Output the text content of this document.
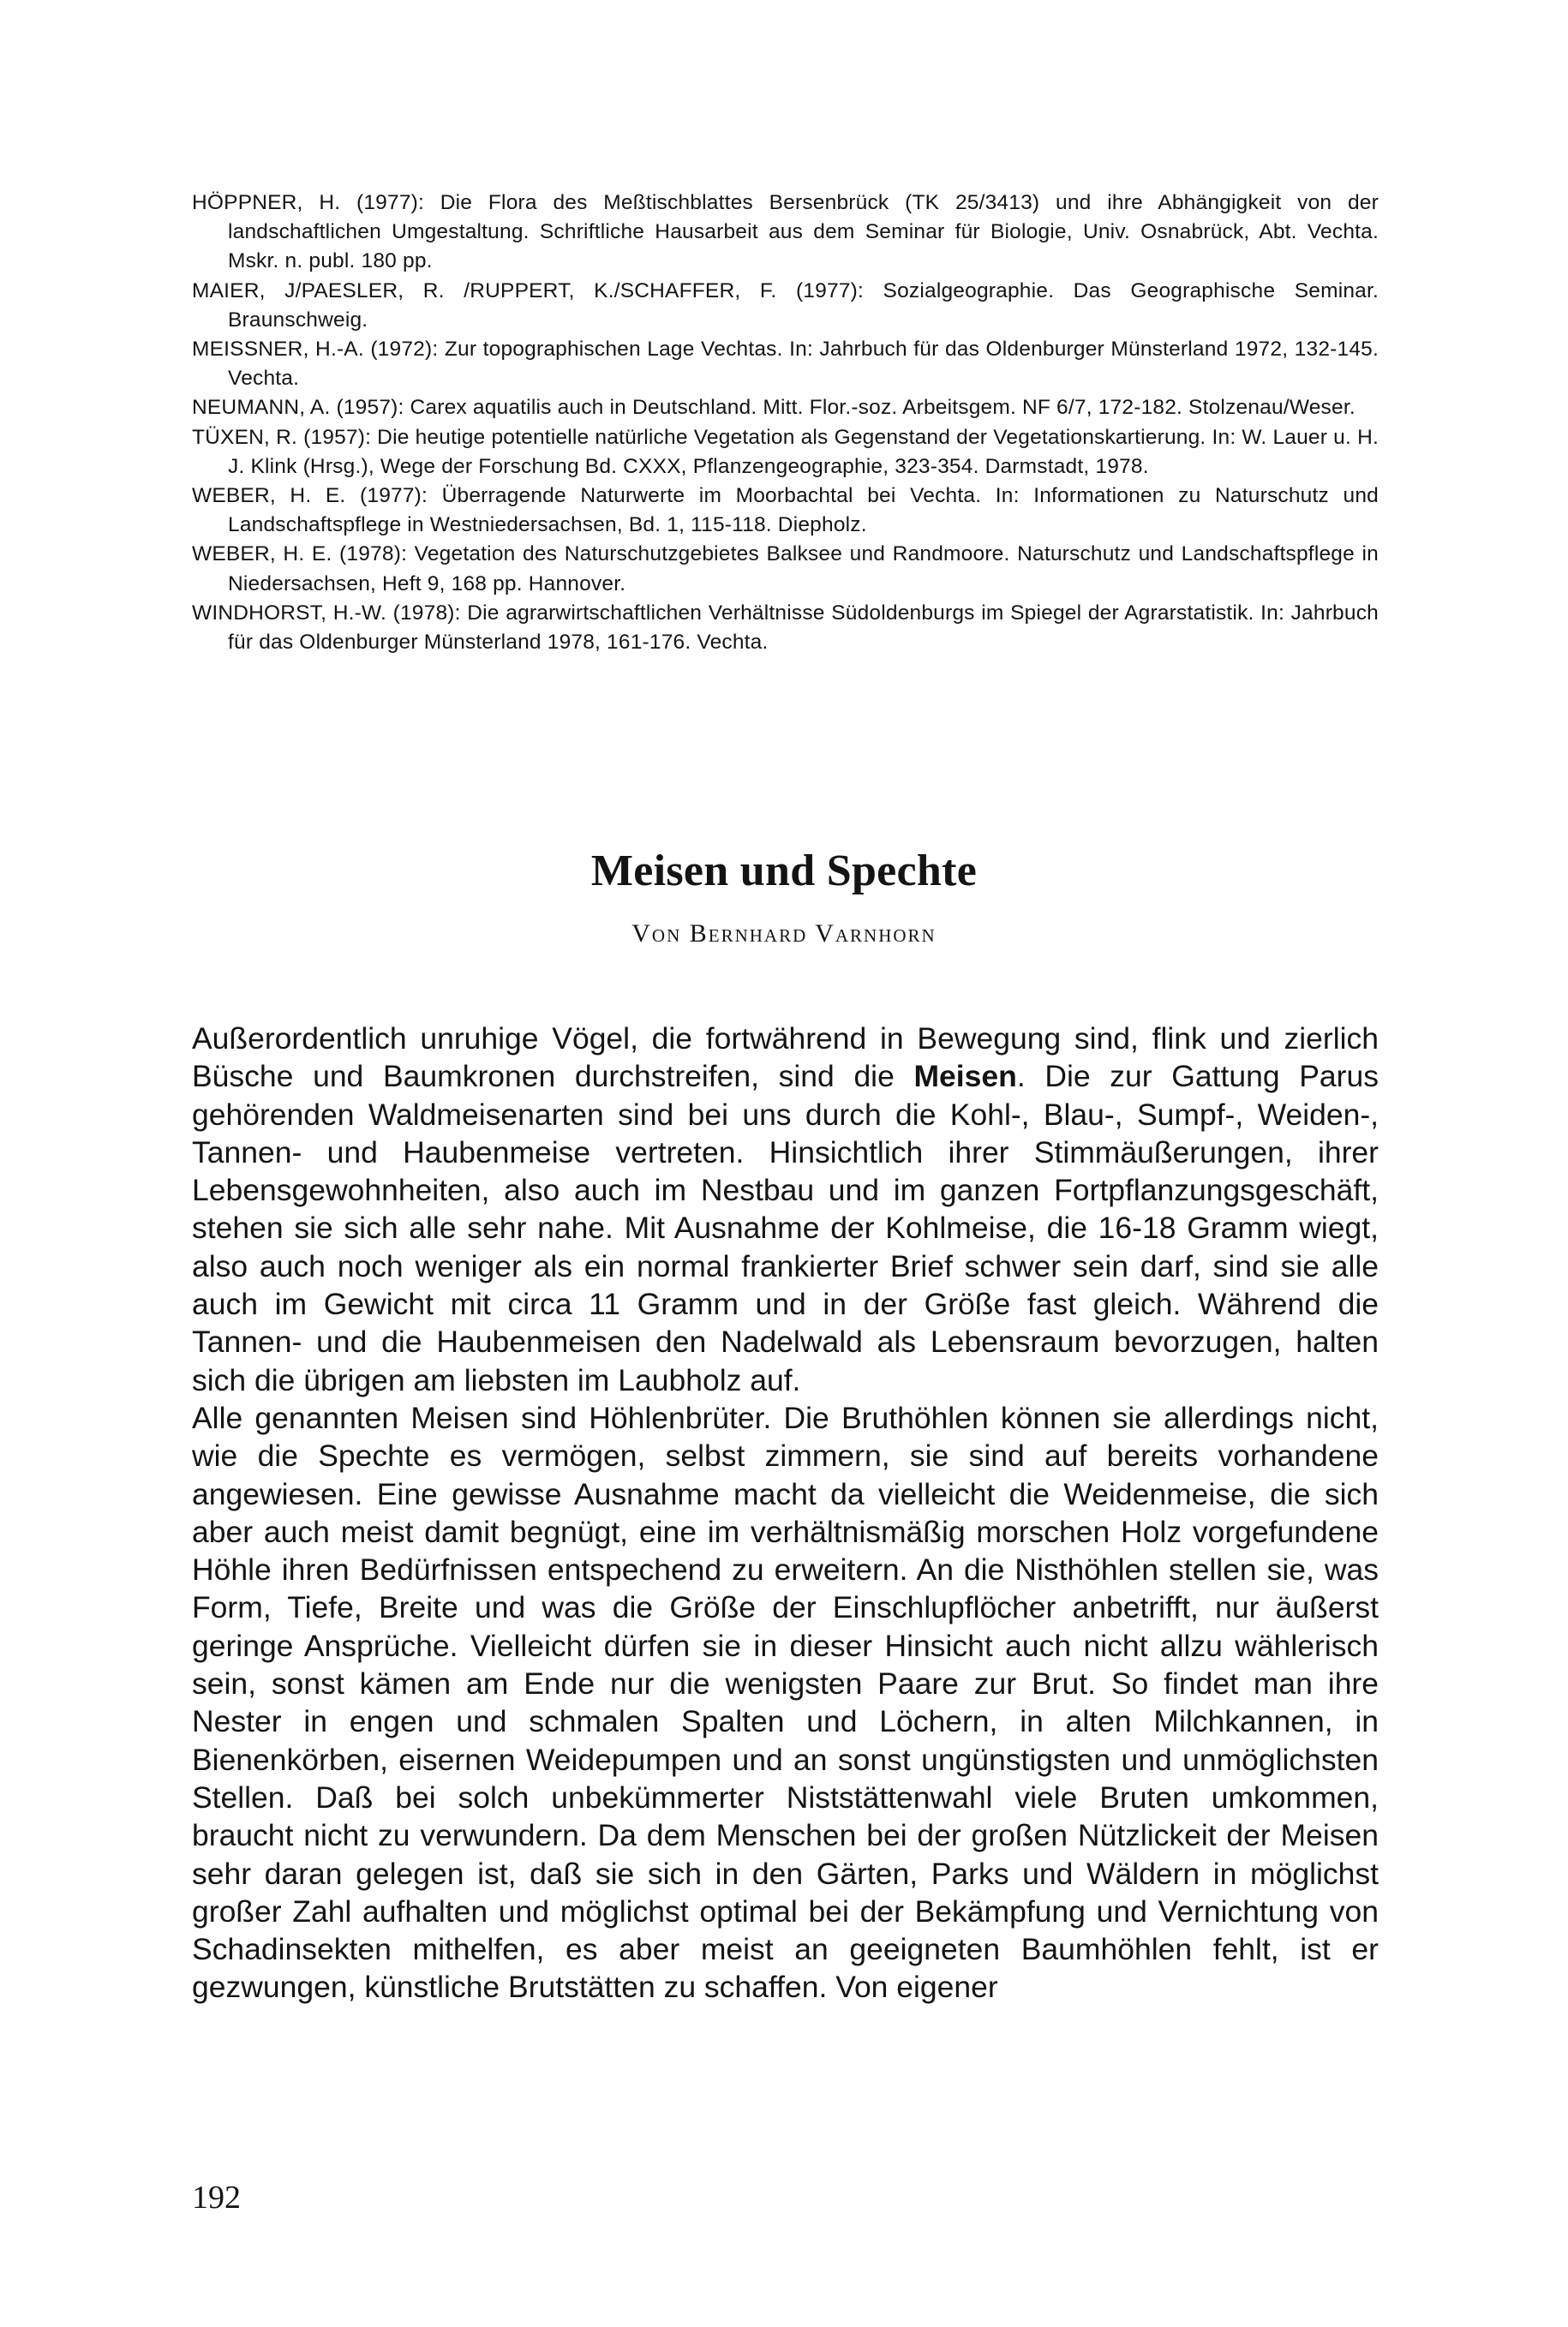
HÖPPNER, H. (1977): Die Flora des Meßtischblattes Bersenbrück (TK 25/3413) und ihre Abhängigkeit von der landschaftlichen Umgestaltung. Schriftliche Hausarbeit aus dem Seminar für Biologie, Univ. Osnabrück, Abt. Vechta. Mskr. n. publ. 180 pp.

MAIER, J/PAESLER, R. /RUPPERT, K./SCHAFFER, F. (1977): Sozialgeographie. Das Geographische Seminar. Braunschweig.

MEISSNER, H.-A. (1972): Zur topographischen Lage Vechtas. In: Jahrbuch für das Oldenburger Münsterland 1972, 132-145. Vechta.

NEUMANN, A. (1957): Carex aquatilis auch in Deutschland. Mitt. Flor.-soz. Arbeitsgem. NF 6/7, 172-182. Stolzenau/Weser.

TÜXEN, R. (1957): Die heutige potentielle natürliche Vegetation als Gegenstand der Vegetationskartierung. In: W. Lauer u. H. J. Klink (Hrsg.), Wege der Forschung Bd. CXXX, Pflanzengeographie, 323-354. Darmstadt, 1978.

WEBER, H. E. (1977): Überragende Naturwerte im Moorbachtal bei Vechta. In: Informationen zu Naturschutz und Landschaftspflege in Westniedersachsen, Bd. 1, 115-118. Diepholz.

WEBER, H. E. (1978): Vegetation des Naturschutzgebietes Balksee und Randmoore. Naturschutz und Landschaftspflege in Niedersachsen, Heft 9, 168 pp. Hannover.

WINDHORST, H.-W. (1978): Die agrarwirtschaftlichen Verhältnisse Südoldenburgs im Spiegel der Agrarstatistik. In: Jahrbuch für das Oldenburger Münsterland 1978, 161-176. Vechta.

Meisen und Spechte

Von Bernhard Varnhorn

Außerordentlich unruhige Vögel, die fortwährend in Bewegung sind, flink und zierlich Büsche und Baumkronen durchstreifen, sind die Meisen. Die zur Gattung Parus gehörenden Waldmeisenarten sind bei uns durch die Kohl-, Blau-, Sumpf-, Weiden-, Tannen- und Haubenmeise vertreten. Hinsichtlich ihrer Stimmäußerungen, ihrer Lebensgewohnheiten, also auch im Nestbau und im ganzen Fortpflanzungsgeschäft, stehen sie sich alle sehr nahe. Mit Ausnahme der Kohlmeise, die 16-18 Gramm wiegt, also auch noch weniger als ein normal frankierter Brief schwer sein darf, sind sie alle auch im Gewicht mit circa 11 Gramm und in der Größe fast gleich. Während die Tannen- und die Haubenmeisen den Nadelwald als Lebensraum bevorzugen, halten sich die übrigen am liebsten im Laubholz auf.

Alle genannten Meisen sind Höhlenbrüter. Die Bruthöhlen können sie allerdings nicht, wie die Spechte es vermögen, selbst zimmern, sie sind auf bereits vorhandene angewiesen. Eine gewisse Ausnahme macht da vielleicht die Weidenmeise, die sich aber auch meist damit begnügt, eine im verhältnismäßig morschen Holz vorgefundene Höhle ihren Bedürfnissen entspechend zu erweitern. An die Nisthöhlen stellen sie, was Form, Tiefe, Breite und was die Größe der Einschlupflöcher anbetrifft, nur äußerst geringe Ansprüche. Vielleicht dürfen sie in dieser Hinsicht auch nicht allzu wählerisch sein, sonst kämen am Ende nur die wenigsten Paare zur Brut. So findet man ihre Nester in engen und schmalen Spalten und Löchern, in alten Milchkannen, in Bienenkörben, eisernen Weidepumpen und an sonst ungünstigsten und unmöglichsten Stellen. Daß bei solch unbekümmerter Niststättenwahl viele Bruten umkommen, braucht nicht zu verwundern. Da dem Menschen bei der großen Nützlickeit der Meisen sehr daran gelegen ist, daß sie sich in den Gärten, Parks und Wäldern in möglichst großer Zahl aufhalten und möglichst optimal bei der Bekämpfung und Vernichtung von Schadinsekten mithelfen, es aber meist an geeigneten Baumhöhlen fehlt, ist er gezwungen, künstliche Brutstätten zu schaffen. Von eigener

192
